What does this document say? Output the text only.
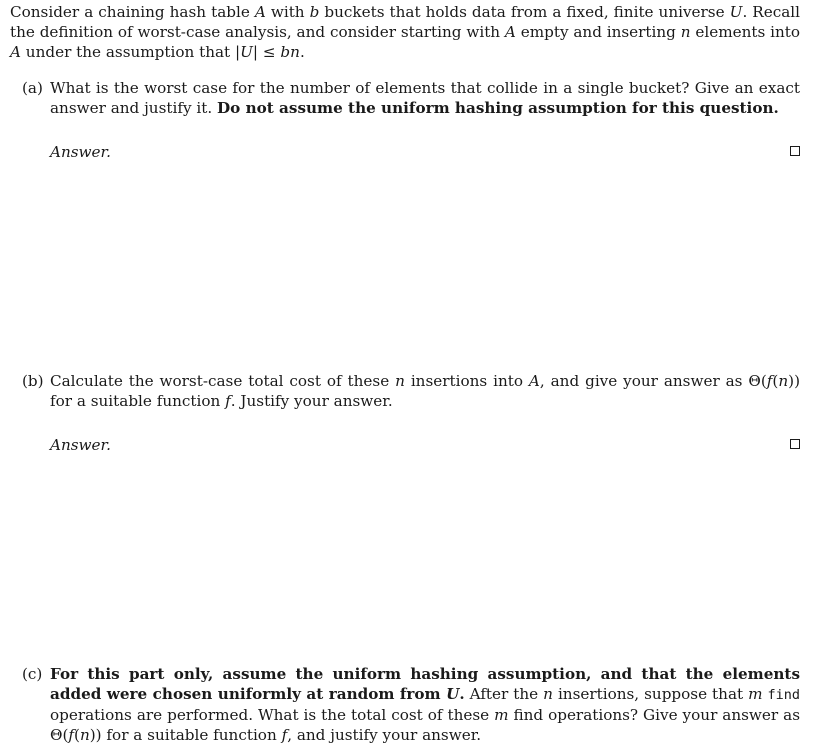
Consider a chaining hash table A with b buckets that holds data from a fixed, finite universe U. Recall the definition of worst-case analysis, and consider starting with A empty and inserting n elements into A under the assumption that |U| ≤ bn.
(a) What is the worst case for the number of elements that collide in a single bucket? Give an exact answer and justify it. Do not assume the uniform hashing assumption for this question.
Answer.
(b) Calculate the worst-case total cost of these n insertions into A, and give your answer as Θ(f(n)) for a suitable function f. Justify your answer.
Answer.
(c) For this part only, assume the uniform hashing assumption, and that the elements added were chosen uniformly at random from U. After the n insertions, suppose that m find operations are performed. What is the total cost of these m find operations? Give your answer as Θ(f(n)) for a suitable function f, and justify your answer.
